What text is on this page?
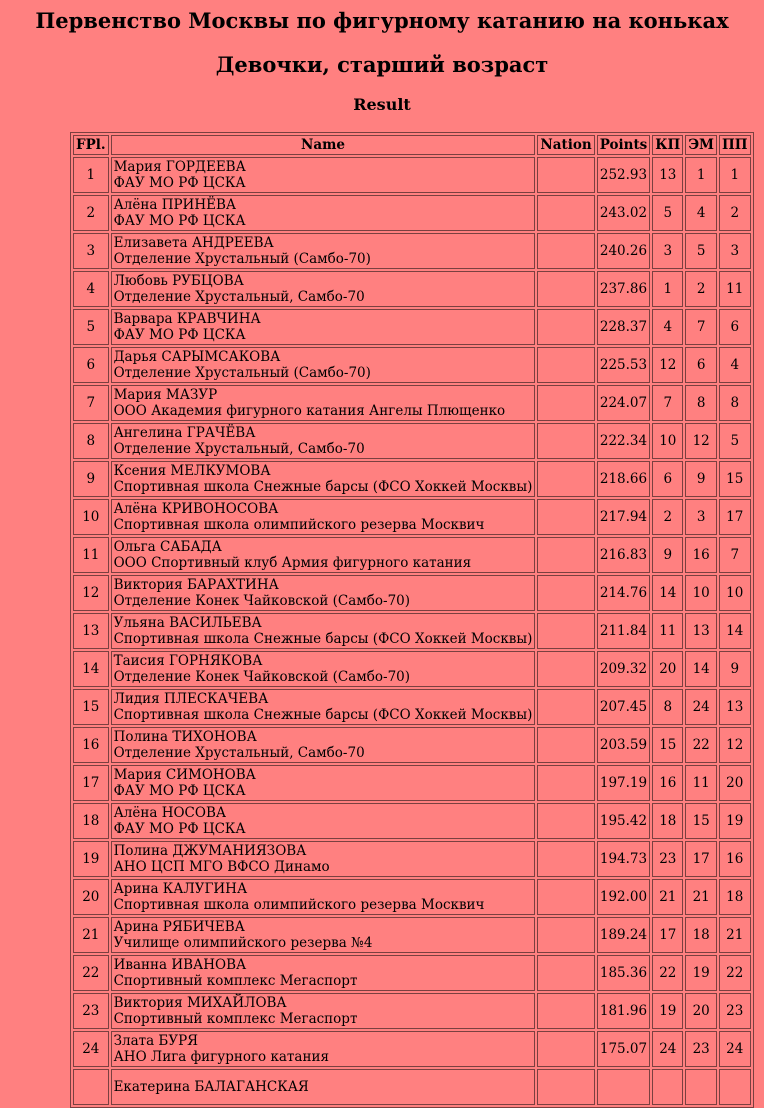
Первенство Москвы по фигурному катанию на коньках
Девочки, старший возраст
Result
FPl.	Name	Nation	Points	КП	ЭМ	ПП
1	Мария ГОРДЕЕВА
ФАУ МО РФ ЦСКА		252.93	13	1	1
2	Алёна ПРИНЁВА
ФАУ МО РФ ЦСКА		243.02	5	4	2
3	Елизавета АНДРЕЕВА
Отделение Хрустальный (Самбо-70)		240.26	3	5	3
4	Любовь РУБЦОВА
Отделение Хрустальный, Самбо-70		237.86	1	2	11
5	Варвара КРАВЧИНА
ФАУ МО РФ ЦСКА		228.37	4	7	6
6	Дарья САРЫМСАКОВА
Отделение Хрустальный (Самбо-70)		225.53	12	6	4
7	Мария МАЗУР
ООО Академия фигурного катания Ангелы Плющенко		224.07	7	8	8
8	Ангелина ГРАЧЁВА
Отделение Хрустальный, Самбо-70		222.34	10	12	5
9	Ксения МЕЛКУМОВА
Спортивная школа Снежные барсы (ФСО Хоккей Москвы)		218.66	6	9	15
10	Алёна КРИВОНОСОВА
Спортивная школа олимпийского резерва Москвич		217.94	2	3	17
11	Ольга САБАДА
ООО Спортивный клуб Армия фигурного катания		216.83	9	16	7
12	Виктория БАРАХТИНА
Отделение Конек Чайковской (Самбо-70)		214.76	14	10	10
13	Ульяна ВАСИЛЬЕВА
Спортивная школа Снежные барсы (ФСО Хоккей Москвы)		211.84	11	13	14
14	Таисия ГОРНЯКОВА
Отделение Конек Чайковской (Самбо-70)		209.32	20	14	9
15	Лидия ПЛЕСКАЧЕВА
Спортивная школа Снежные барсы (ФСО Хоккей Москвы)		207.45	8	24	13
16	Полина ТИХОНОВА
Отделение Хрустальный, Самбо-70		203.59	15	22	12
17	Мария СИМОНОВА
ФАУ МО РФ ЦСКА		197.19	16	11	20
18	Алёна НОСОВА
ФАУ МО РФ ЦСКА		195.42	18	15	19
19	Полина ДЖУМАНИЯЗОВА
АНО ЦСП МГО ВФСО Динамо		194.73	23	17	16
20	Арина КАЛУГИНА
Спортивная школа олимпийского резерва Москвич		192.00	21	21	18
21	Арина РЯБИЧЕВА
Училище олимпийского резерва №4		189.24	17	18	21
22	Иванна ИВАНОВА
Спортивный комплекс Мегаспорт		185.36	22	19	22
23	Виктория МИХАЙЛОВА
Спортивный комплекс Мегаспорт		181.96	19	20	23
24	Злата БУРЯ
АНО Лига фигурного катания		175.07	24	23	24

	Екатерина БАЛАГАНСКАЯ					
